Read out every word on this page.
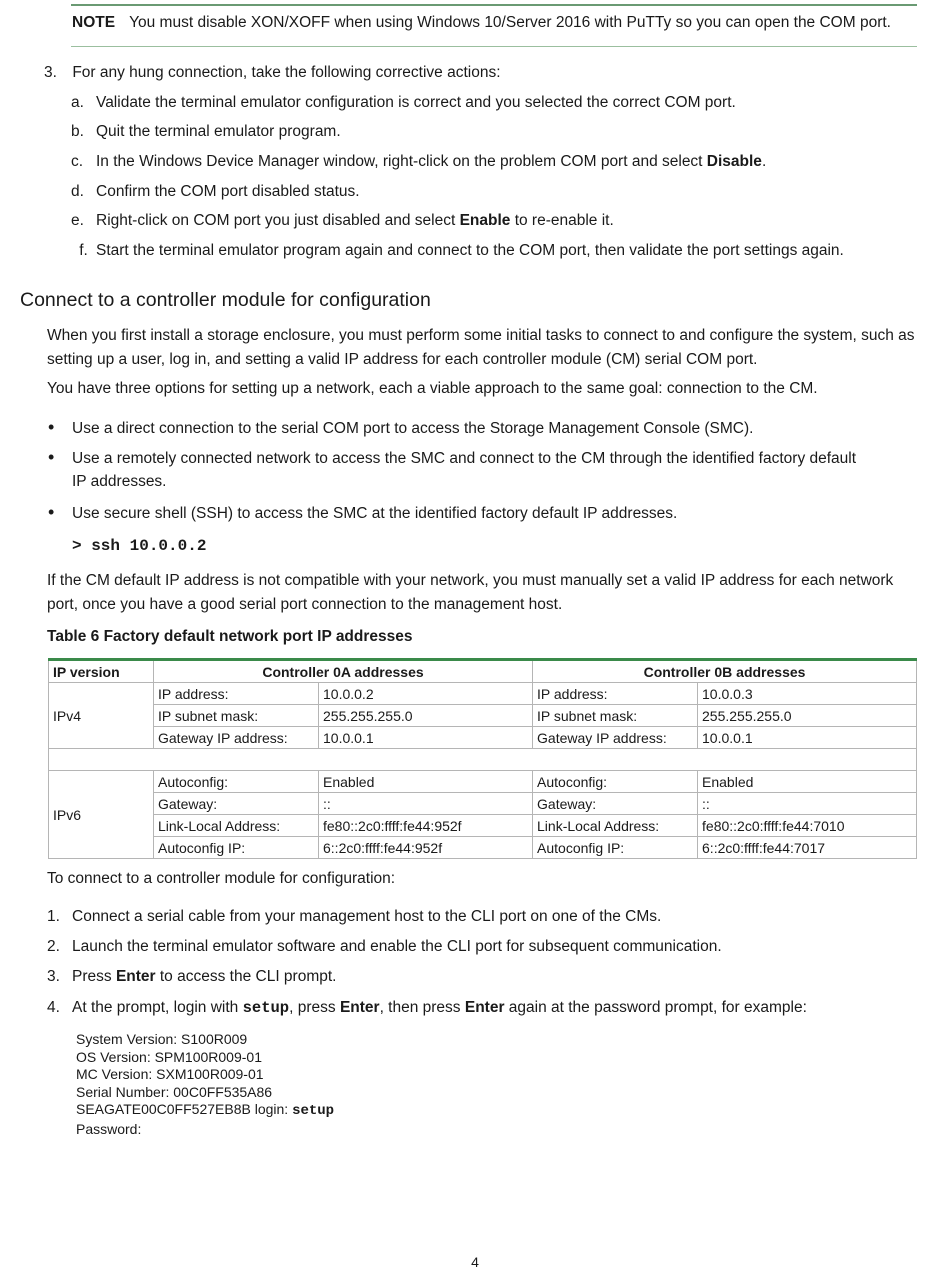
NOTE You must disable XON/XOFF when using Windows 10/Server 2016 with PuTTy so you can open the COM port.
3. For any hung connection, take the following corrective actions:
a. Validate the terminal emulator configuration is correct and you selected the correct COM port.
b. Quit the terminal emulator program.
c. In the Windows Device Manager window, right-click on the problem COM port and select Disable.
d. Confirm the COM port disabled status.
e. Right-click on COM port you just disabled and select Enable to re-enable it.
f. Start the terminal emulator program again and connect to the COM port, then validate the port settings again.
Connect to a controller module for configuration
When you first install a storage enclosure, you must perform some initial tasks to connect to and configure the system, such as
setting up a user, log in, and setting a valid IP address for each controller module (CM) serial COM port.
You have three options for setting up a network, each a viable approach to the same goal: connection to the CM.
• Use a direct connection to the serial COM port to access the Storage Management Console (SMC).
• Use a remotely connected network to access the SMC and connect to the CM through the identified factory default
IP addresses.
• Use secure shell (SSH) to access the SMC at the identified factory default IP addresses.
> ssh 10.0.0.2
If the CM default IP address is not compatible with your network, you must manually set a valid IP address for each network
port, once you have a good serial port connection to the management host.
Table 6 Factory default network port IP addresses
IP version	Controller 0A addresses		Controller 0B addresses	
IPv4	IP address:	10.0.0.2	IP address:	10.0.0.3
	IP subnet mask:	255.255.255.0	IP subnet mask:	255.255.255.0
	Gateway IP address:	10.0.0.1	Gateway IP address:	10.0.0.1

IPv6	Autoconfig:	Enabled	Autoconfig:	Enabled
	Gateway:	::	Gateway:	::
	Link-Local Address:	fe80::2c0:ffff:fe44:952f	Link-Local Address:	fe80::2c0:ffff:fe44:7010
	Autoconfig IP:	6::2c0:ffff:fe44:952f	Autoconfig IP:	6::2c0:ffff:fe44:7017
To connect to a controller module for configuration:
1. Connect a serial cable from your management host to the CLI port on one of the CMs.
2. Launch the terminal emulator software and enable the CLI port for subsequent communication.
3. Press Enter to access the CLI prompt.
4. At the prompt, login with setup, press Enter, then press Enter again at the password prompt, for example:
System Version: S100R009
OS Version: SPM100R009-01
MC Version: SXM100R009-01
Serial Number: 00C0FF535A86
SEAGATE00C0FF527EB8B login: setup
Password:
4
